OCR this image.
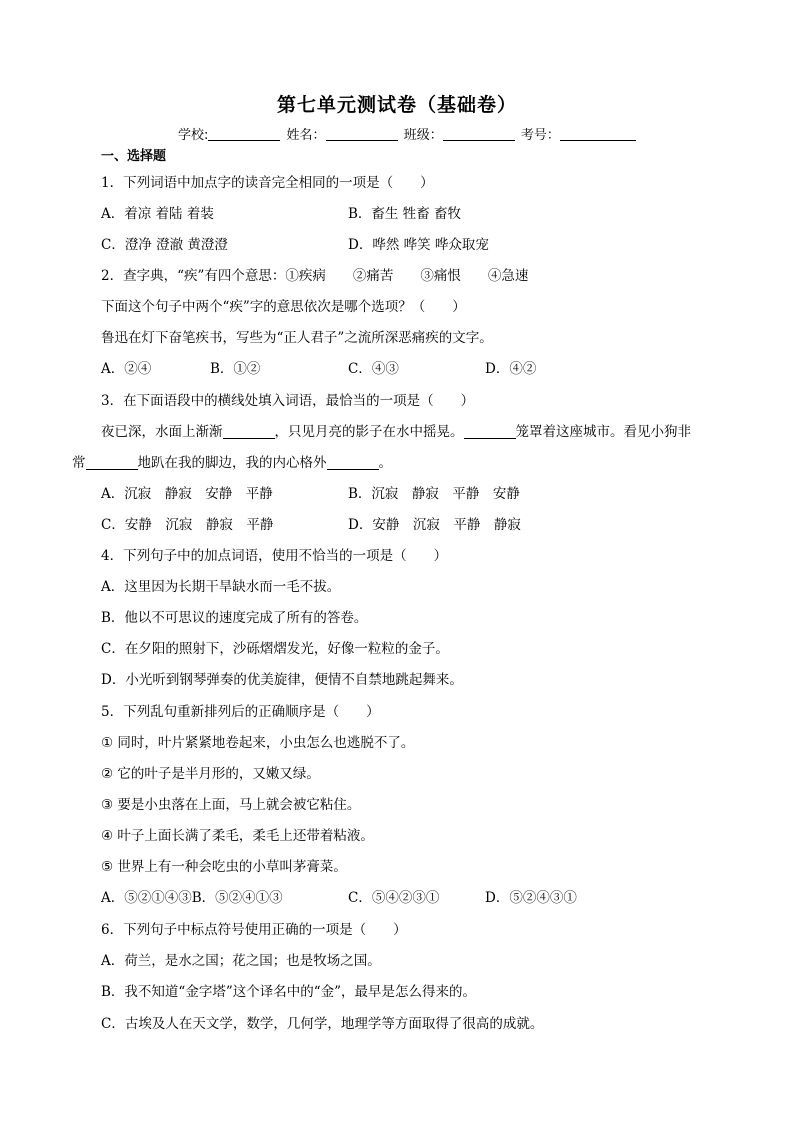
第七单元测试卷（基础卷）
学校:	姓名：	班级：	考号：
一、选择题
1．下列词语中加点字的读音完全相同的一项是（　　）
A．着凉 着陆 着装	B．畜生 牲畜 畜牧
C．澄净 澄澈 黄澄澄	D．哗然 哗笑 哗众取宠
2．查字典，“疾”有四个意思：①疾病　　②痛苦　　③痛恨　　④急速
下面这个句子中两个“疾”字的意思依次是哪个选项？（　　）
鲁迅在灯下奋笔疾书，写些为“正人君子”之流所深恶痛疾的文字。
A．②④	B．①②	C．④③	D．④②
3．在下面语段中的横线处填入词语，最恰当的一项是（　　）
夜已深，水面上渐渐	，只见月亮的影子在水中摇晃。	笼罩着这座城市。看见小狗非
常	地趴在我的脚边，我的内心格外	。
A．沉寂　静寂　安静　平静	B．沉寂　静寂　平静　安静
C．安静　沉寂　静寂　平静	D．安静　沉寂　平静　静寂
4．下列句子中的加点词语，使用不恰当的一项是（　　）
A．这里因为长期干旱缺水而一毛不拔。
B．他以不可思议的速度完成了所有的答卷。
C．在夕阳的照射下，沙砾熠熠发光，好像一粒粒的金子。
D．小光听到钢琴弹奏的优美旋律，便情不自禁地跳起舞来。
5．下列乱句重新排列后的正确顺序是（　　）
① 同时，叶片紧紧地卷起来，小虫怎么也逃脱不了。
② 它的叶子是半月形的，又嫩又绿。
③ 要是小虫落在上面，马上就会被它粘住。
④ 叶子上面长满了柔毛，柔毛上还带着粘液。
⑤ 世界上有一种会吃虫的小草叫茅膏菜。
A．⑤②①④③B．⑤②④①③	C．⑤④②③①	D．⑤②④③①
6．下列句子中标点符号使用正确的一项是（　　）
A．荷兰，是水之国；花之国；也是牧场之国。
B．我不知道“金字塔”这个译名中的“金”，最早是怎么得来的。
C．古埃及人在天文学，数学，几何学，地理学等方面取得了很高的成就。
